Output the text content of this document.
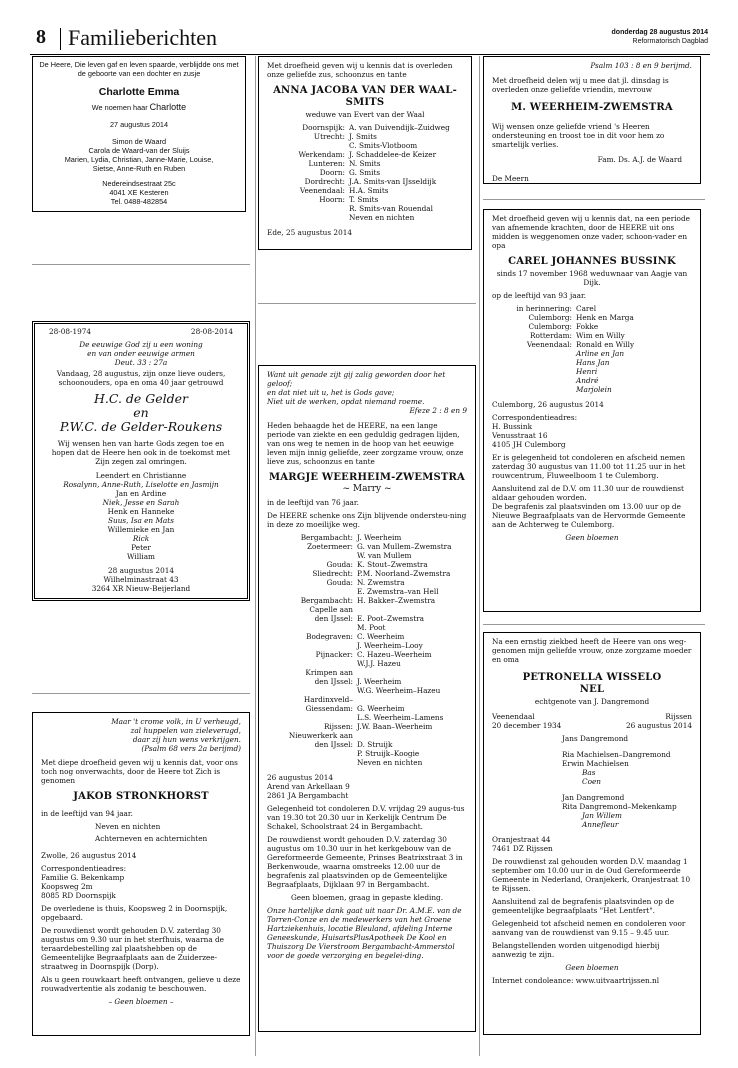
8 Familieberichten	donderdag 28 augustus 2014
Reformatorisch Dagblad
De Heere, Die leven gaf en leven spaarde, verblijdde ons met de geboorte van een dochter en zusje
Charlotte Emma
We noemen haar Charlotte
27 augustus 2014
Simon de Waard
Carola de Waard-van der Sluijs
Marien, Lydia, Christian, Janne-Marie, Louise,
Sietse, Anne-Ruth en Ruben
Nedereindsestraat 25c
4041 XE Kesteren
Tel. 0488-482854
28-08-1974	28-08-2014
De eeuwige God zij u een woning
en van onder eeuwige armen
Deut. 33 : 27a
Vandaag, 28 augustus, zijn onze lieve ouders,
schoonouders, opa en oma 40 jaar getrouwd
H.C. de Gelder
en
P.W.C. de Gelder-Roukens
Wij wensen hen van harte Gods zegen toe en
hopen dat de Heere hen ook in de toekomst met
Zijn zegen zal omringen.
Leendert en Christianne
Rosalynn, Anne-Ruth, Liselotte en Jasmijn
Jan en Ardine
Niek, Jesse en Sarah
Henk en Hanneke
Suus, Isa en Mats
Willemieke en Jan
Rick
Peter
William
28 augustus 2014
Wilhelminastraat 43
3264 XR Nieuw-Beijerland
Maar 't crome volk, in U verheugd,
zal huppelen van zieleverugd,
daar zij hun wens verkrijgen.
(Psalm 68 vers 2a berijmd)
Met diepe droefheid geven wij u kennis dat, voor ons toch nog onverwachts, door de Heere tot Zich is genomen
JAKOB STRONKHORST
in de leeftijd van 94 jaar.
Neven en nichten
Achterneven en achternichten
Zwolle, 26 augustus 2014
Correspondentieadres:
Familie G. Bekenkamp
Koopsweg 2m
8085 RD Doornspijk
De overledene is thuis, Koopsweg 2 in Doornspijk, opgebaard.
De rouwdienst wordt gehouden D.V. zaterdag 30 augustus om 9.30 uur in het sterfhuis, waarna de teraardebestelling zal plaatshebben op de Gemeentelijke Begraafplaats aan de Zuiderzee-straatweg in Doornspijk (Dorp).
Als u geen rouwkaart heeft ontvangen, gelieve u deze rouwadvertentie als zodanig te beschouwen.
– Geen bloemen –
Met droefheid geven wij u kennis dat is overleden onze geliefde zus, schoonzus en tante
ANNA JACOBA VAN DER WAAL-SMITS
weduwe van Evert van der Waal
Doornspijk: A. van Duivendijk–Zuidweg
Utrecht: J. Smits
C. Smits-Vlotboom
Werkendam: J. Schaddelee-de Keizer
Lunteren: N. Smits
Doorn: G. Smits
Dordrecht: J.A. Smits-van IJsseldijk
Veenendaal: H.A. Smits
Hoorn: T. Smits
R. Smits-van Rouendal
Neven en nichten
Ede, 25 augustus 2014
Want uit genade zijt gij zalig geworden door het geloof;
en dat niet uit u, het is Gods gave;
Niet uit de werken, opdat niemand roeme.
Efeze 2 : 8 en 9
Heden behaagde het de HEERE, na een lange periode van ziekte en een geduldig gedragen lijden, van ons weg te nemen in de hoop van het eeuwige leven mijn innig geliefde, zeer zorgzame vrouw, onze lieve zus, schoonzus en tante
MARGJE WEERHEIM-ZWEMSTRA
~ Marry ~
in de leeftijd van 76 jaar.
De HEERE schenke ons Zijn blijvende ondersteu-ning in deze zo moeilijke weg.
Bergambacht: J. Weerheim
Zoetermeer: G. van Mullem–Zwemstra
W. van Mullem
Gouda: K. Stout–Zwemstra
Sliedrecht: P.M. Noorland–Zwemstra
Gouda: N. Zwemstra
E. Zwemstra–van Hell
Bergambacht: H. Bakker–Zwemstra
Capelle aan
den IJssel: E. Poot–Zwemstra
M. Poot
Bodegraven: C. Weerheim
J. Weerheim–Looy
Pijnacker: C. Hazeu–Weerheim
W.J.J. Hazeu
Krimpen aan
den IJssel: J. Weerheim
W.G. Weerheim–Hazeu
Hardinxveld–
Giessendam: G. Weerheim
L.S. Weerheim–Lamens
Rijssen: J.W. Baan–Weerheim
Nieuwerkerk aan
den IJssel: D. Struijk
P. Struijk–Koogie
Neven en nichten
26 augustus 2014
Arend van Arkellaan 9
2861 JA Bergambacht
Gelegenheid tot condoleren D.V. vrijdag 29 augus-tus van 19.30 tot 20.30 uur in Kerkelijk Centrum De Schakel, Schoolstraat 24 in Bergambacht.
De rouwdienst wordt gehouden D.V. zaterdag 30 augustus om 10.30 uur in het kerkgebouw van de Gereformeerde Gemeente, Prinses Beatrixstraat 3 in Berkenwoude, waarna omstreeks 12.00 uur de begrafenis zal plaatsvinden op de Gemeentelijke Begraafplaats, Dijklaan 97 in Bergambacht.
Geen bloemen, graag in gepaste kleding.
Onze hartelijke dank gaat uit naar Dr. A.M.E. van de Torren-Conze en de medewerkers van het Groene Hartziekenhuis, locatie Bleuland, afdeling Interne Geneeskunde, HuisartsPlusApotheek De Kool en Thuiszorg De Vierstroom Bergambacht-Ammerstol voor de goede verzorging en begelei-ding.
Psalm 103 : 8 en 9 berijmd.
Met droefheid delen wij u mee dat jl. dinsdag is overleden onze geliefde vriendin, mevrouw
M. WEERHEIM-ZWEMSTRA
Wij wensen onze geliefde vriend 's Heeren ondersteuning en troost toe in dit voor hem zo smartelijk verlies.
Fam. Ds. A.J. de Waard
De Meern
Met droefheid geven wij u kennis dat, na een periode van afnemende krachten, door de HEERE uit ons midden is weggenomen onze vader, schoon-vader en opa
CAREL JOHANNES BUSSINK
sinds 17 november 1968 weduwnaar van Aagje van Dijk.
op de leeftijd van 93 jaar.
in herinnering: Carel
Culemborg: Henk en Marga
Culemborg: Fokke
Rotterdam: Wim en Willy
Veenendaal: Ronald en Willy
Arline en Jan
Hans Jan
Henri
André
Marjolein
Culemborg, 26 augustus 2014
Correspondentieadres:
H. Bussink
Venusstraat 16
4105 JH Culemborg
Er is gelegenheid tot condoleren en afscheid nemen zaterdag 30 augustus van 11.00 tot 11.25 uur in het rouwcentrum, Fluweelboom 1 te Culemborg.
Aansluitend zal de D.V. om 11.30 uur de rouwdienst aldaar gehouden worden.
De begrafenis zal plaatsvinden om 13.00 uur op de Nieuwe Begraafplaats van de Hervormde Gemeente aan de Achterweg te Culemborg.
Geen bloemen
Na een ernstig ziekbed heeft de Heere van ons weg-genomen mijn geliefde vrouw, onze zorgzame moeder en oma
PETRONELLA WISSELO
NEL
echtgenote van J. Dangremond
Veenendaal	Rijssen
20 december 1934	26 augustus 2014
Jans Dangremond
Ria Machielsen–Dangremond
Erwin Machielsen
Bas
Coen
Jan Dangremond
Rita Dangremond–Mekenkamp
Jan Willem
Annefleur
Oranjestraat 44
7461 DZ Rijssen
De rouwdienst zal gehouden worden D.V. maandag 1 september om 10.00 uur in de Oud Gereformeerde Gemeente in Nederland, Oranjekerk, Oranjestraat 10 te Rijssen.
Aansluitend zal de begrafenis plaatsvinden op de gemeentelijke begraafplaats "Het Lentfert".
Gelegenheid tot afscheid nemen en condoleren voor aanvang van de rouwdienst van 9.15 – 9.45 uur.
Belangstellenden worden uitgenodigd hierbij aanwezig te zijn.
Geen bloemen
Internet condoleance: www.uitvaartrijssen.nl
